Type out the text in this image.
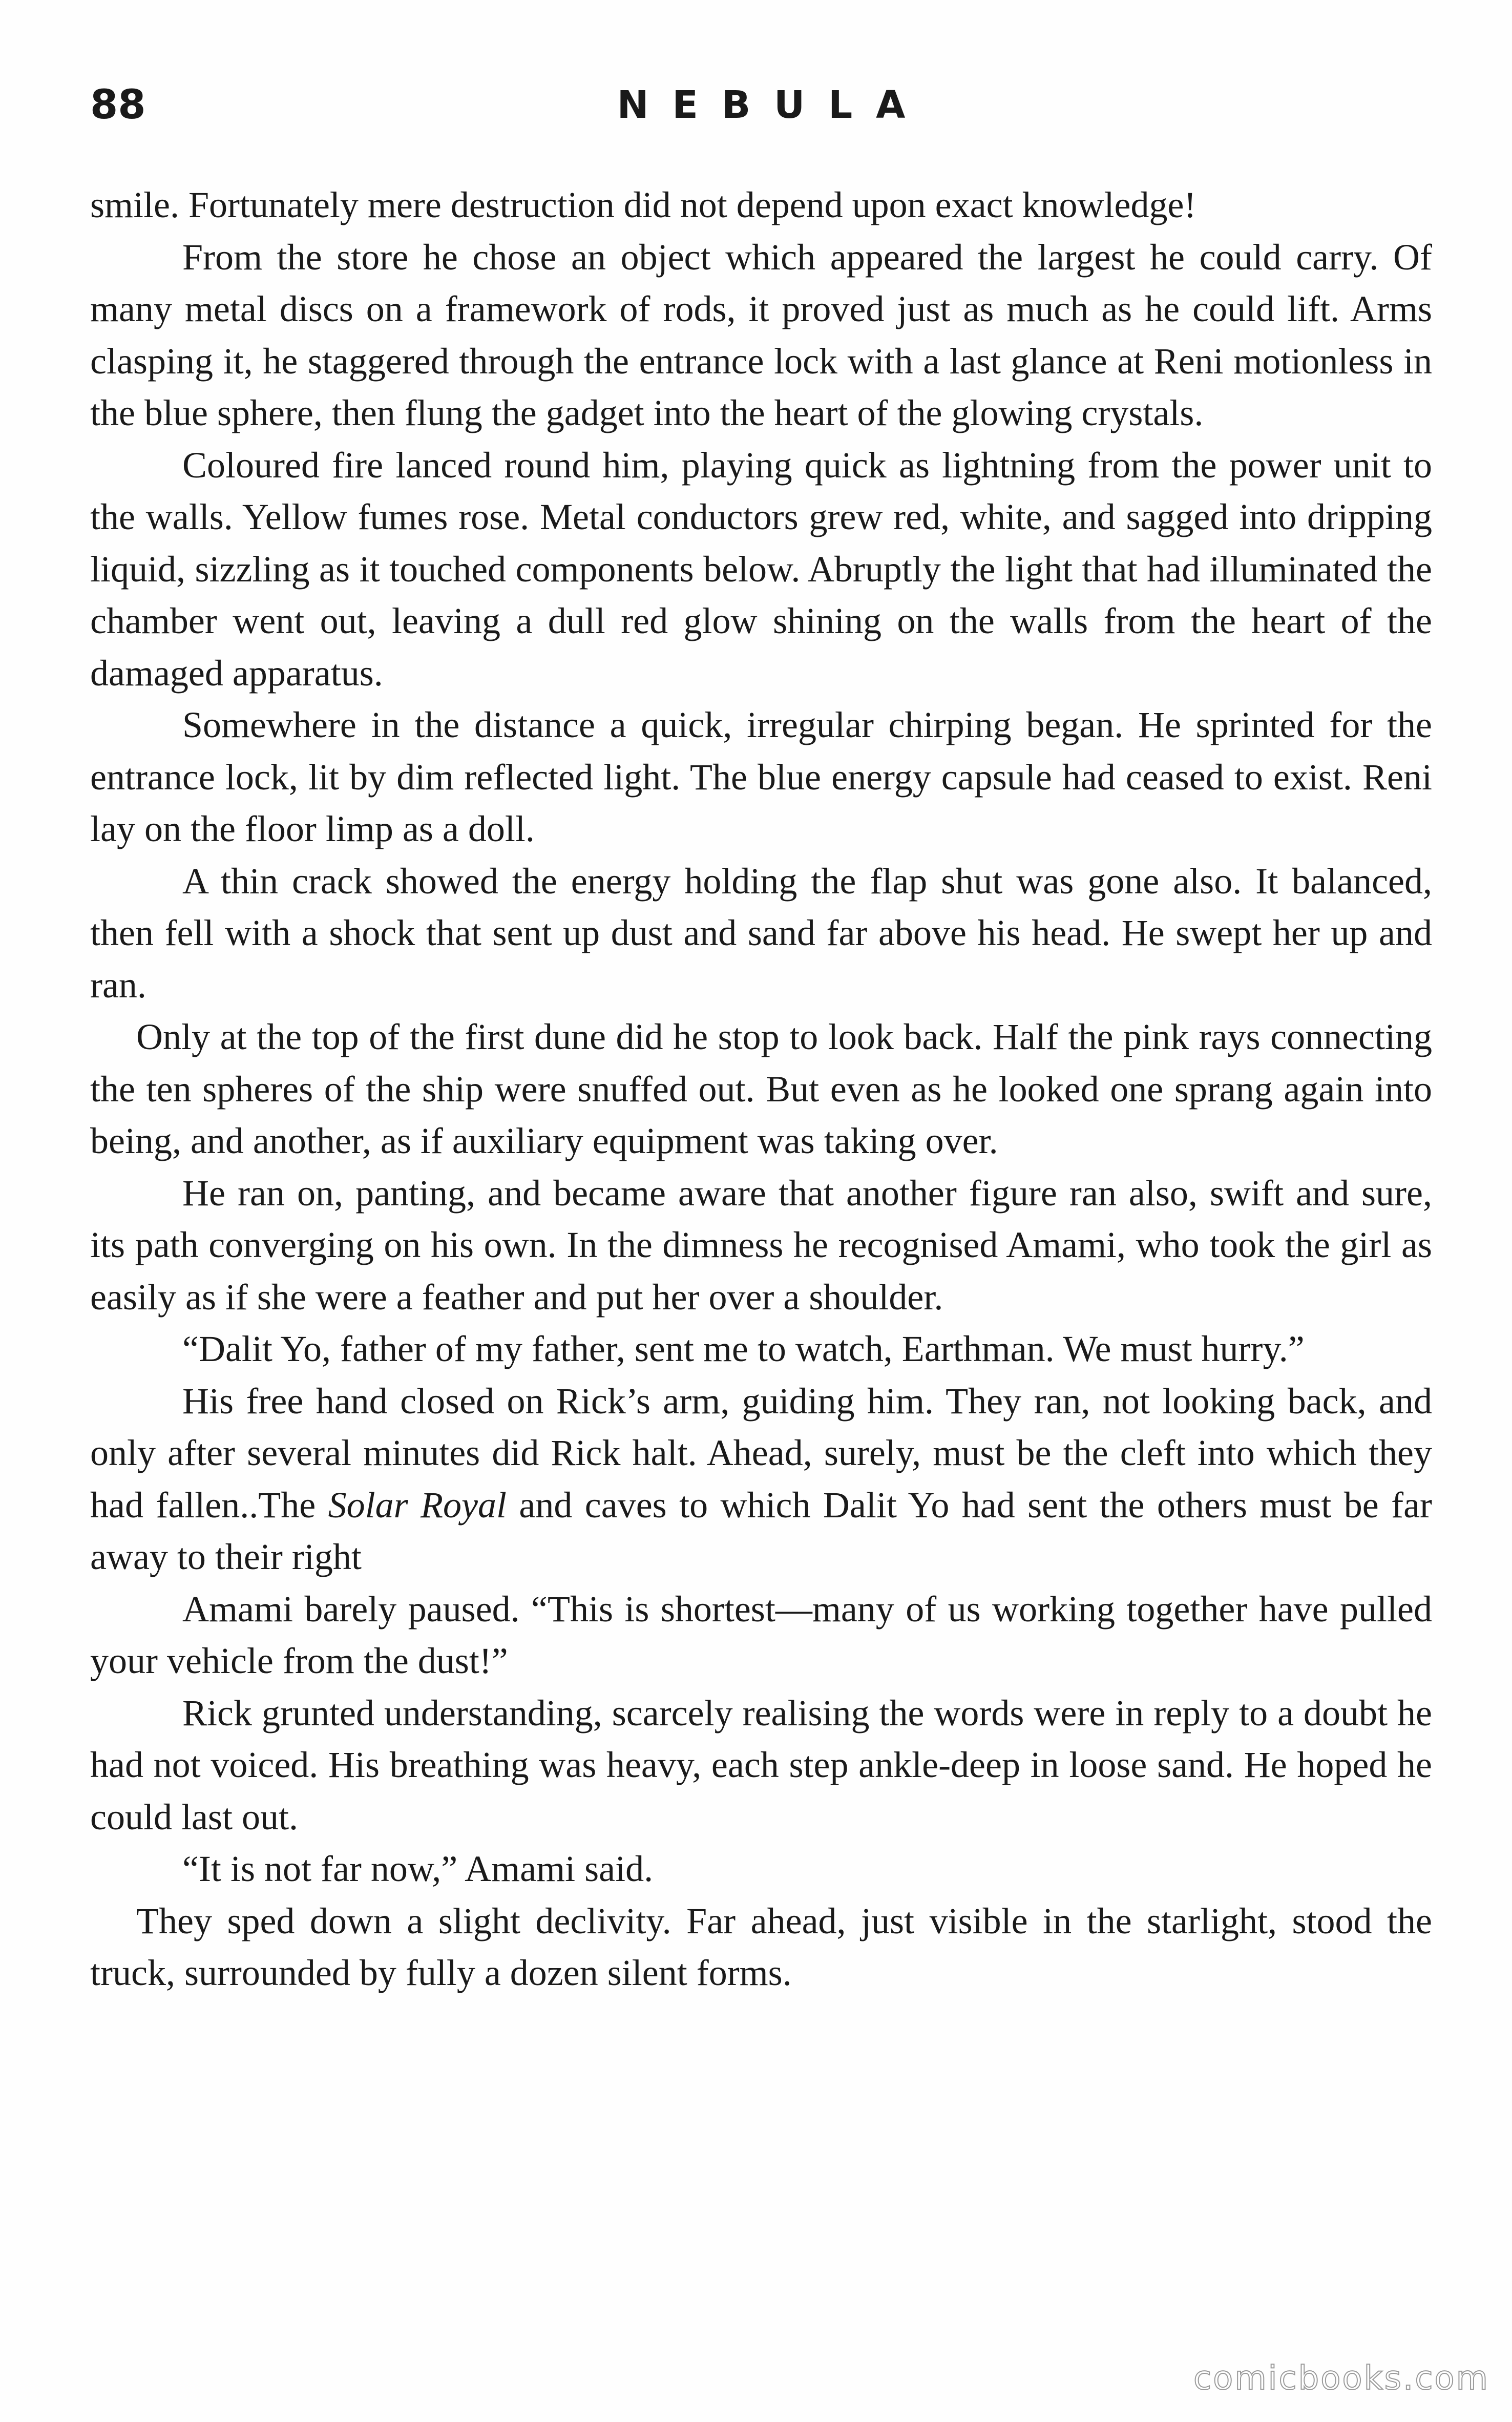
88	NEBULA

smile. Fortunately mere destruction did not depend upon exact knowledge!

From the store he chose an object which appeared the largest he could carry. Of many metal discs on a framework of rods, it proved just as much as he could lift. Arms clasping it, he staggered through the entrance lock with a last glance at Reni motionless in the blue sphere, then flung the gadget into the heart of the glowing crystals.

Coloured fire lanced round him, playing quick as lightning from the power unit to the walls. Yellow fumes rose. Metal conductors grew red, white, and sagged into dripping liquid, sizzling as it touched components below. Abruptly the light that had illuminated the chamber went out, leaving a dull red glow shining on the walls from the heart of the damaged apparatus.

Somewhere in the distance a quick, irregular chirping began. He sprinted for the entrance lock, lit by dim reflected light. The blue energy capsule had ceased to exist. Reni lay on the floor limp as a doll.

A thin crack showed the energy holding the flap shut was gone also. It balanced, then fell with a shock that sent up dust and sand far above his head. He swept her up and ran.

Only at the top of the first dune did he stop to look back. Half the pink rays connecting the ten spheres of the ship were snuffed out. But even as he looked one sprang again into being, and another, as if auxiliary equipment was taking over.

He ran on, panting, and became aware that another figure ran also, swift and sure, its path converging on his own. In the dimness he recognised Amami, who took the girl as easily as if she were a feather and put her over a shoulder.

“Dalit Yo, father of my father, sent me to watch, Earthman. We must hurry.”

His free hand closed on Rick’s arm, guiding him. They ran, not looking back, and only after several minutes did Rick halt. Ahead, surely, must be the cleft into which they had fallen..The Solar Royal and caves to which Dalit Yo had sent the others must be far away to their right

Amami barely paused. “This is shortest—many of us working together have pulled your vehicle from the dust!”

Rick grunted understanding, scarcely realising the words were in reply to a doubt he had not voiced. His breathing was heavy, each step ankle-deep in loose sand. He hoped he could last out.

“It is not far now,” Amami said.

They sped down a slight declivity. Far ahead, just visible in the starlight, stood the truck, surrounded by fully a dozen silent forms.

comicbooks.com
